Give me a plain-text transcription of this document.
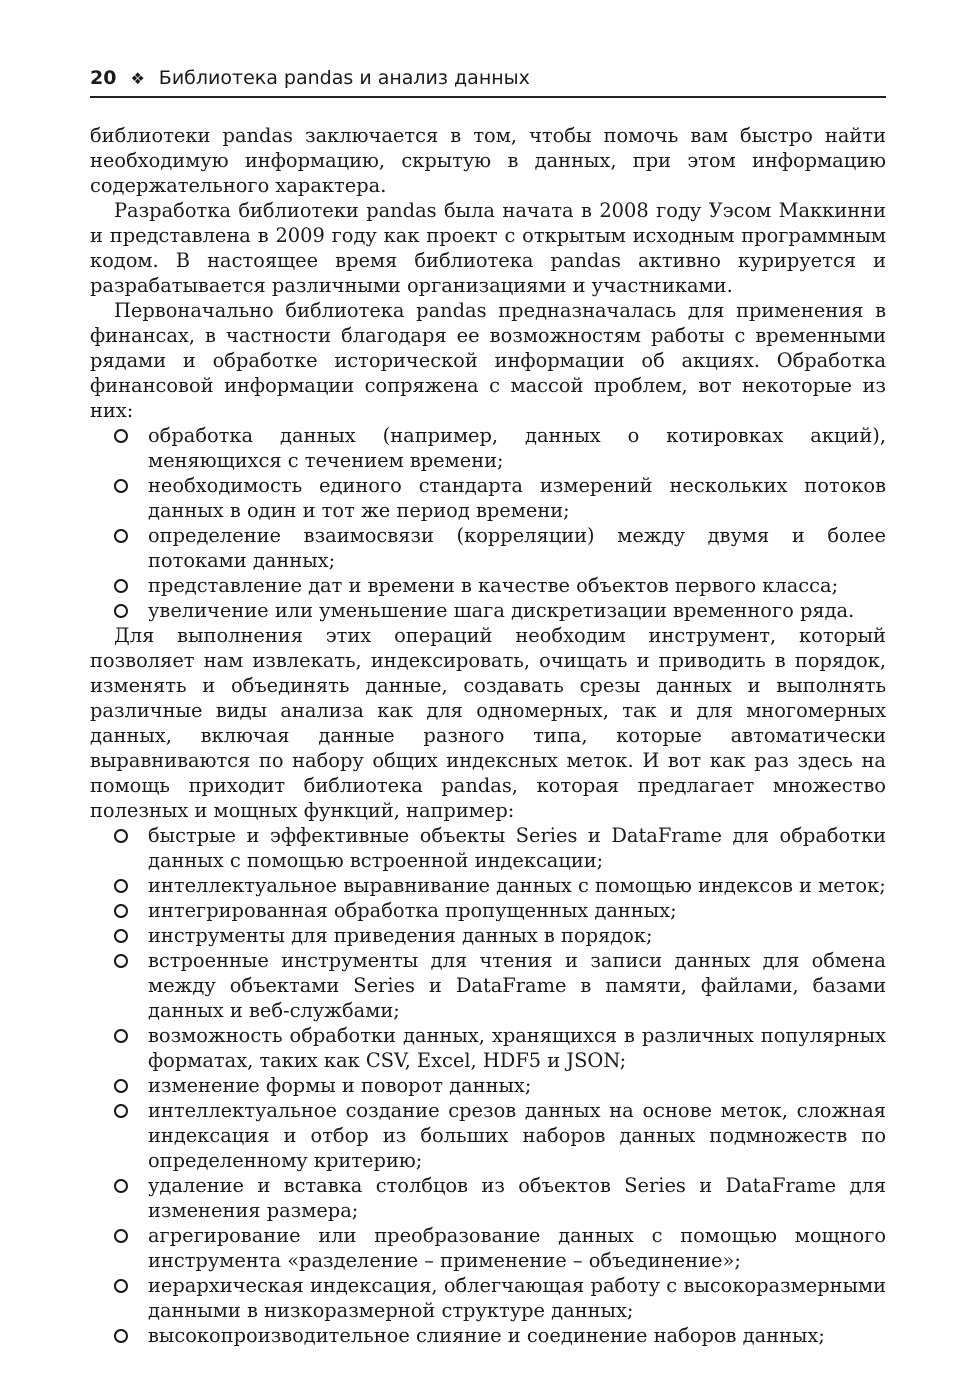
20 ❖ Библиотека pandas и анализ данных

библиотеки pandas заключается в том, чтобы помочь вам быстро найти необходимую информацию, скрытую в данных, при этом информацию содержательного характера.

Разработка библиотеки pandas была начата в 2008 году Уэсом Маккинни и представлена в 2009 году как проект с открытым исходным программным кодом. В настоящее время библиотека pandas активно курируется и разрабатывается различными организациями и участниками.

Первоначально библиотека pandas предназначалась для применения в финансах, в частности благодаря ее возможностям работы с временными рядами и обработке исторической информации об акциях. Обработка финансовой информации сопряжена с массой проблем, вот некоторые из них:

обработка данных (например, данных о котировках акций), меняющихся с течением времени;
необходимость единого стандарта измерений нескольких потоков данных в один и тот же период времени;
определение взаимосвязи (корреляции) между двумя и более потоками данных;
представление дат и времени в качестве объектов первого класса;
увеличение или уменьшение шага дискретизации временного ряда.

Для выполнения этих операций необходим инструмент, который позволяет нам извлекать, индексировать, очищать и приводить в порядок, изменять и объединять данные, создавать срезы данных и выполнять различные виды анализа как для одномерных, так и для многомерных данных, включая данные разного типа, которые автоматически выравниваются по набору общих индексных меток. И вот как раз здесь на помощь приходит библиотека pandas, которая предлагает множество полезных и мощных функций, например:

быстрые и эффективные объекты Series и DataFrame для обработки данных с помощью встроенной индексации;
интеллектуальное выравнивание данных с помощью индексов и меток;
интегрированная обработка пропущенных данных;
инструменты для приведения данных в порядок;
встроенные инструменты для чтения и записи данных для обмена между объектами Series и DataFrame в памяти, файлами, базами данных и веб-службами;
возможность обработки данных, хранящихся в различных популярных форматах, таких как CSV, Excel, HDF5 и JSON;
изменение формы и поворот данных;
интеллектуальное создание срезов данных на основе меток, сложная индексация и отбор из больших наборов данных подмножеств по определенному критерию;
удаление и вставка столбцов из объектов Series и DataFrame для изменения размера;
агрегирование или преобразование данных с помощью мощного инструмента «разделение – применение – объединение»;
иерархическая индексация, облегчающая работу с высокоразмерными данными в низкоразмерной структуре данных;
высокопроизводительное слияние и соединение наборов данных;
